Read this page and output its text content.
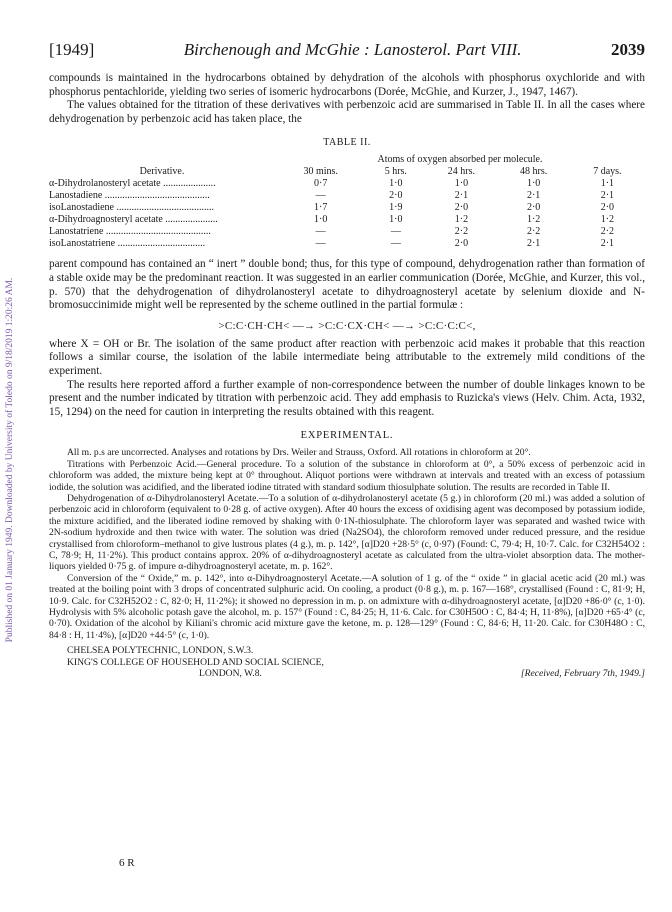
Published on 01 January 1949. Downloaded by University of Toledo on 9/18/2019 1:20:26 AM.
[1949]	Birchenough and McGhie : Lanosterol. Part VIII.	2039

compounds is maintained in the hydrocarbons obtained by dehydration of the alcohols with phosphorus oxychloride and with phosphorus pentachloride, yielding two series of isomeric hydrocarbons (Dorée, McGhie, and Kurzer, J., 1947, 1467).

The values obtained for the titration of these derivatives with perbenzoic acid are summarised in Table II. In all the cases where dehydrogenation by perbenzoic acid has taken place, the

TABLE II.
	Atoms of oxygen absorbed per molecule.				
Derivative.	30 mins.	5 hrs.	24 hrs.	48 hrs.	7 days.
α-Dihydrolanosteryl acetate .....................	0·7	1·0	1·0	1·0	1·1
Lanostadiene ..........................................	—	2·0	2·1	2·1	2·1
isoLanostadiene .......................................	1·7	1·9	2·0	2·0	2·0
α-Dihydroagnosteryl acetate .....................	1·0	1·0	1·2	1·2	1·2
Lanostatriene ..........................................	—	—	2·2	2·2	2·2
isoLanostatriene ...................................	—	—	2·0	2·1	2·1

parent compound has contained an “ inert ” double bond; thus, for this type of compound, dehydrogenation rather than formation of a stable oxide may be the predominant reaction. It was suggested in an earlier communication (Dorée, McGhie, and Kurzer, this vol., p. 570) that the dehydrogenation of dihydrolanosteryl acetate to dihydroagnosteryl acetate by selenium dioxide and N-bromosuccinimide might well be represented by the scheme outlined in the partial formulæ :

>C:C·CH·CH< —→ >C:C·CX·CH< —→ >C:C·C:C<,

where X = OH or Br. The isolation of the same product after reaction with perbenzoic acid makes it probable that this reaction follows a similar course, the isolation of the labile intermediate being attributable to the extremely mild conditions of the experiment.

The results here reported afford a further example of non-correspondence between the number of double linkages known to be present and the number indicated by titration with perbenzoic acid. They add emphasis to Ruzicka's views (Helv. Chim. Acta, 1932, 15, 1294) on the need for caution in interpreting the results obtained with this reagent.

EXPERIMENTAL.

All m. p.s are uncorrected. Analyses and rotations by Drs. Weiler and Strauss, Oxford. All rotations in chloroform at 20°.

Titrations with Perbenzoic Acid.—General procedure. To a solution of the substance in chloroform at 0°, a 50% excess of perbenzoic acid in chloroform was added, the mixture being kept at 0° throughout. Aliquot portions were withdrawn at intervals and treated with an excess of potassium iodide, the solution was acidified, and the liberated iodine titrated with standard sodium thiosulphate solution. The results are recorded in Table II.

Dehydrogenation of α-Dihydrolanosteryl Acetate.—To a solution of α-dihydrolanosteryl acetate (5 g.) in chloroform (20 ml.) was added a solution of perbenzoic acid in chloroform (equivalent to 0·28 g. of active oxygen). After 40 hours the excess of oxidising agent was decomposed by potassium iodide, the mixture acidified, and the liberated iodine removed by shaking with 0·1N-thiosulphate. The chloroform layer was separated and washed twice with 2N-sodium hydroxide and then twice with water. The solution was dried (Na2SO4), the chloroform removed under reduced pressure, and the residue crystallised from chloroform–methanol to give lustrous plates (4 g.), m. p. 142°, [α]D20 +28·5° (c, 0·97) (Found: C, 79·4; H, 10·7. Calc. for C32H54O2 : C, 78·9; H, 11·2%). This product contains approx. 20% of α-dihydroagnosteryl acetate as calculated from the ultra-violet absorption data. The mother-liquors yielded 0·75 g. of impure α-dihydroagnosteryl acetate, m. p. 162°.

Conversion of the “ Oxide,” m. p. 142°, into α-Dihydroagnosteryl Acetate.—A solution of 1 g. of the “ oxide ” in glacial acetic acid (20 ml.) was treated at the boiling point with 3 drops of concentrated sulphuric acid. On cooling, a product (0·8 g.), m. p. 167—168°, crystallised (Found : C, 81·9; H, 10·9. Calc. for C32H52O2 : C, 82·0; H, 11·2%); it showed no depression in m. p. on admixture with α-dihydroagnosteryl acetate, [α]D20 +86·0° (c, 1·0). Hydrolysis with 5% alcoholic potash gave the alcohol, m. p. 157° (Found : C, 84·25; H, 11·6. Calc. for C30H50O : C, 84·4; H, 11·8%), [α]D20 +65·4° (c, 0·70). Oxidation of the alcohol by Kiliani's chromic acid mixture gave the ketone, m. p. 128—129° (Found : C, 84·6; H, 11·20. Calc. for C30H48O : C, 84·8 : H, 11·4%), [α]D20 +44·5° (c, 1·0).

CHELSEA POLYTECHNIC, LONDON, S.W.3.
KING'S COLLEGE OF HOUSEHOLD AND SOCIAL SCIENCE,
LONDON, W.8.	[Received, February 7th, 1949.]
6 R
